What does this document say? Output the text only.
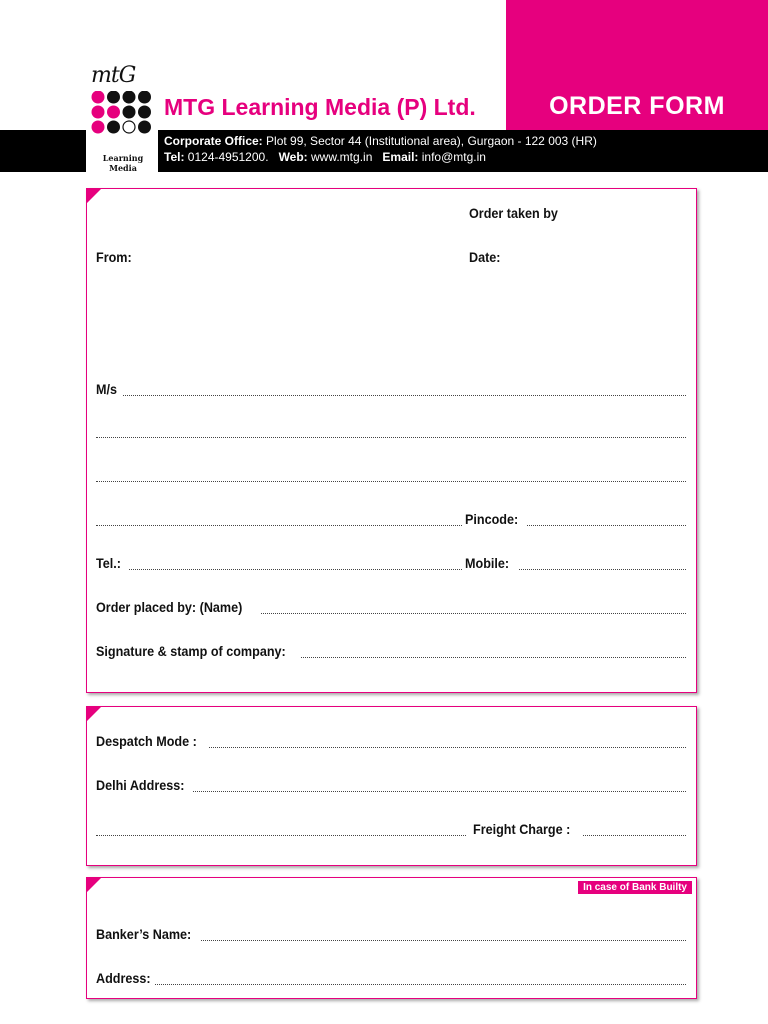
ORDER FORM
mtG
Learning Media
MTG Learning Media (P) Ltd.
Corporate Office: Plot 99, Sector 44 (Institutional area), Gurgaon - 122 003 (HR)
Tel: 0124-4951200. Web: www.mtg.in Email: info@mtg.in
Order taken by
From:	Date:
M/s
Pincode:
Tel.:	Mobile:
Order placed by: (Name)
Signature & stamp of company:
Despatch Mode :
Delhi Address:
Freight Charge :
In case of Bank Builty
Banker’s Name:
Address:
